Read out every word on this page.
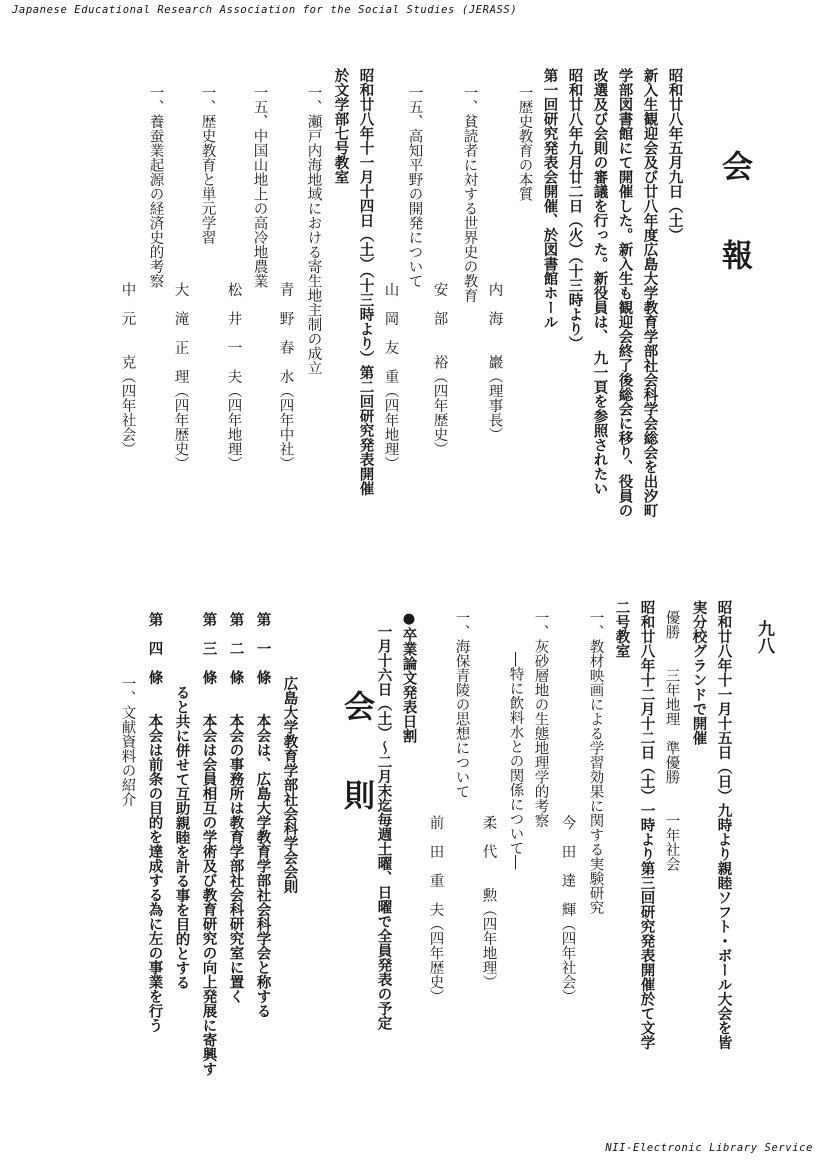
Japanese Educational Research Association for the Social Studies (JERASS)
九八
会報
昭和廿八年五月九日（土）
新入生観迎会及び廿八年度広島大学教育学部社会科学会総会を出汐町
学部図書館にて開催した。新入生も観迎会終了後総会に移り、役員の
改選及び会則の審議を行った。新役員は、　九一頁を参照されたい
昭和廿八年九月廿二日（火）（十三時より）
第一回研究発表会開催、於図書館ホール
一歴史教育の本質
内　海　　巖（理事長）
一、貧読者に対する世界史の教育
安　部　　裕（四年歴史）
一五、高知平野の開発について
山　岡　友　重（四年地理）
昭和廿八年十一月十四日（土）（十三時より）第二回研究発表開催
於文学部七号教室
一、瀬戸内海地域における寄生地主制の成立
青　野　春　水（四年中社）
一五、中国山地上の高冷地農業
松　井　一　夫（四年地理）
一、歴史教育と単元学習
大　滝　正　理（四年歴史）
一、養蚕業起源の経済史的考察
中　元　　克（四年社会）
昭和廿八年十一月十五日（日）九時より親睦ソフト・ボール大会を皆
実分校グランドで開催
優勝　　三年地理　準優勝　　一年社会
昭和廿八年十二月十二日（土）一時より第三回研究発表開催於て文学
二号教室
一、教材映画による学習効果に関する実験研究
今　田　達　輝（四年社会）
一、灰砂層地の生態地理学的考察
―特に飲料水との関係について―
柔　代　　勲（四年地理）
一、海保青陵の思想について
前　田　重　夫（四年歴史）
●卒業論文発表日割
一月十六日（土）～二月末迄毎週土曜、日曜で全員発表の予定
会則
広島大学教育学部社会科学会会則
第　一　條　　本会は、広島大学教育学部社会科学会と称する
第　二　條　　本会の事務所は教育学部社会科研究室に置く
第　三　條　　本会は会員相互の学術及び教育研究の向上発展に寄興す
ると共に併せて互助親睦を計る事を目的とする
第　四　條　　本会は前条の目的を達成する為に左の事業を行う
一、文献資料の紹介
NII-Electronic Library Service
